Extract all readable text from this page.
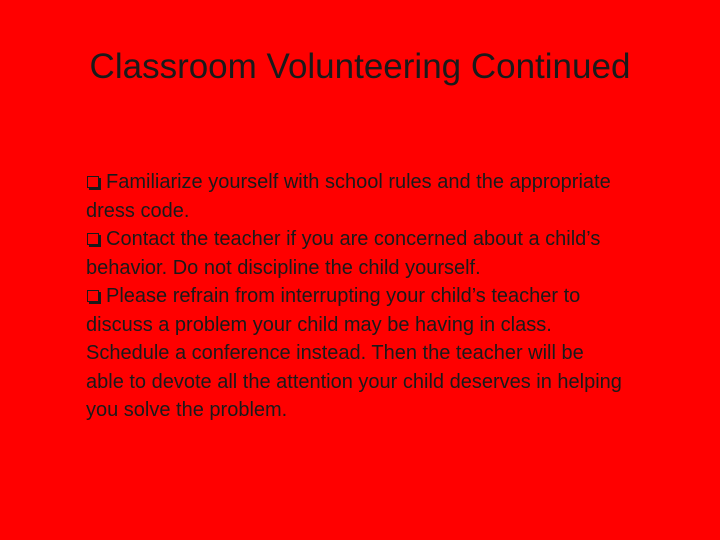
Classroom Volunteering Continued
Familiarize yourself with school rules and the appropriate dress code.
Contact the teacher if you are concerned about a child’s behavior. Do not discipline the child yourself.
Please refrain from interrupting your child’s teacher to discuss a problem your child may be having in class. Schedule a conference instead. Then the teacher will be able to devote all the attention your child deserves in helping you solve the problem.
